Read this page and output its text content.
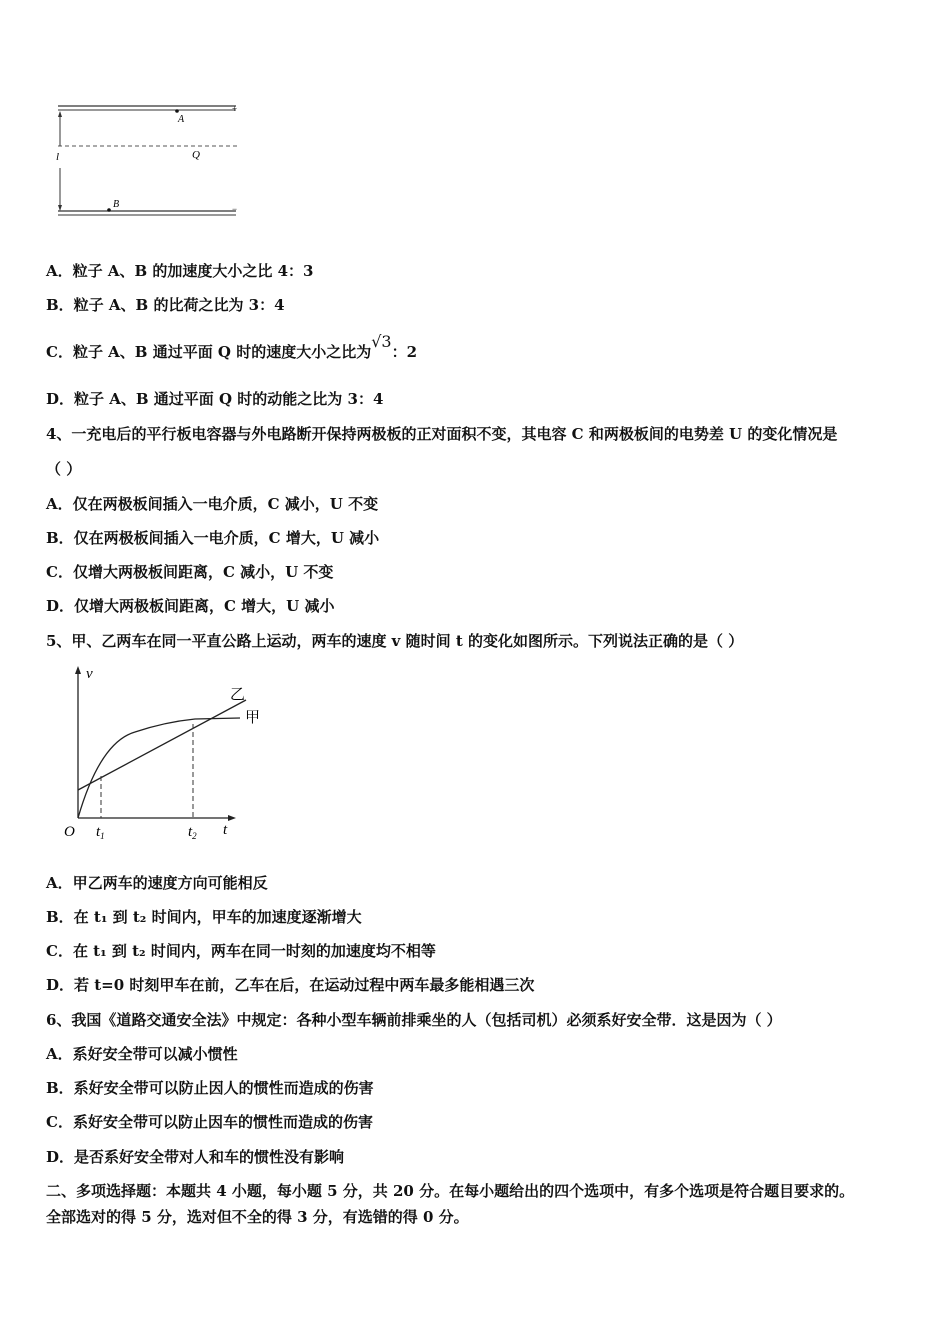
+
−
l
A
Q
B
A．粒子 A、B 的加速度大小之比 4：3
B．粒子 A、B 的比荷之比为 3：4
C．粒子 A、B 通过平面 Q 时的速度大小之比为√3：2
D．粒子 A、B 通过平面 Q 时的动能之比为 3：4
4、一充电后的平行板电容器与外电路断开保持两极板的正对面积不变，其电容 C 和两极板间的电势差 U 的变化情况是
（ ）
A．仅在两极板间插入一电介质，C 减小，U 不变
B．仅在两极板间插入一电介质，C 增大，U 减小
C．仅增大两极板间距离，C 减小，U 不变
D．仅增大两极板间距离，C 增大，U 减小
5、甲、乙两车在同一平直公路上运动，两车的速度 v 随时间 t 的变化如图所示。下列说法正确的是（ ）
v
t
O $t_1$	$t_2$
乙
甲
A．甲乙两车的速度方向可能相反
B．在 t₁ 到 t₂ 时间内，甲车的加速度逐渐增大
C．在 t₁ 到 t₂ 时间内，两车在同一时刻的加速度均不相等
D．若 t=0 时刻甲车在前，乙车在后，在运动过程中两车最多能相遇三次
6、我国《道路交通安全法》中规定：各种小型车辆前排乘坐的人（包括司机）必须系好安全带．这是因为（ ）
A．系好安全带可以减小惯性
B．系好安全带可以防止因人的惯性而造成的伤害
C．系好安全带可以防止因车的惯性而造成的伤害
D．是否系好安全带对人和车的惯性没有影响
二、多项选择题：本题共 4 小题，每小题 5 分，共 20 分。在每小题给出的四个选项中，有多个选项是符合题目要求的。
全部选对的得 5 分，选对但不全的得 3 分，有选错的得 0 分。
